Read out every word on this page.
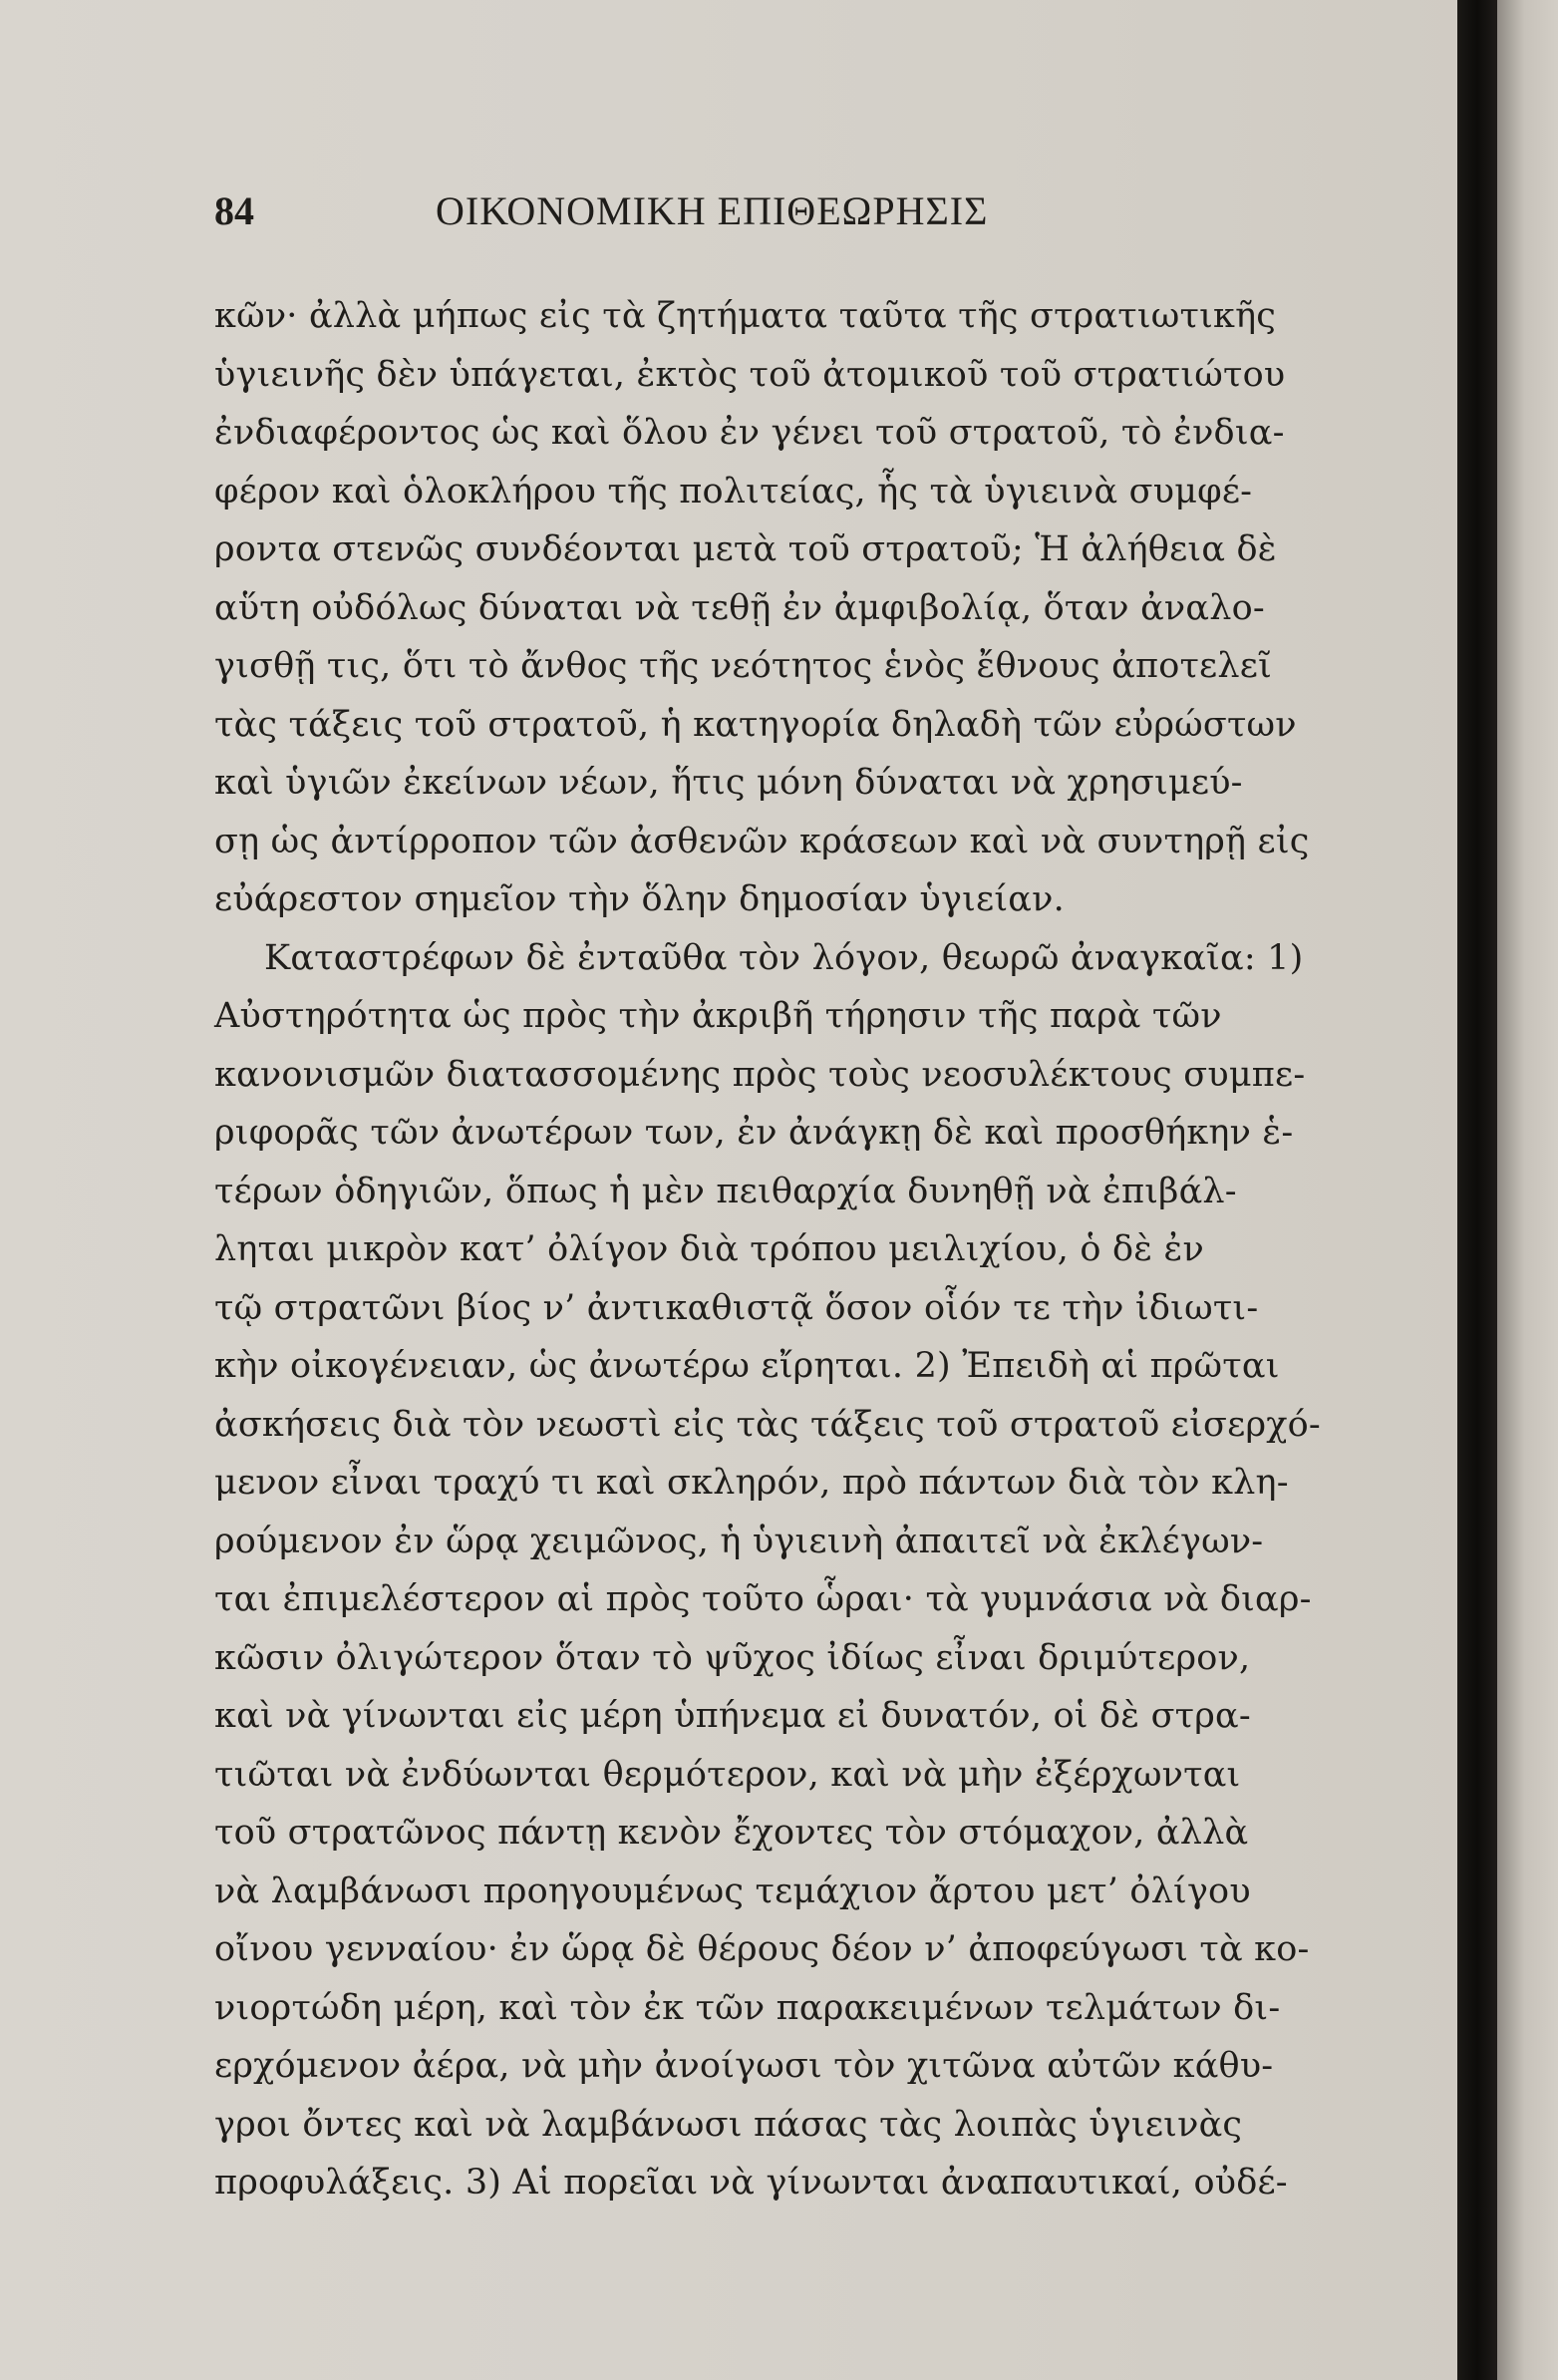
84	ΟΙΚΟΝΟΜΙΚΗ ΕΠΙΘΕΩΡΗΣΙΣ
κῶν· ἀλλὰ μήπως εἰς τὰ ζητήματα ταῦτα τῆς στρατιωτικῆς
ὑγιεινῆς δὲν ὑπάγεται, ἐκτὸς τοῦ ἀτομικοῦ τοῦ στρατιώτου
ἐνδιαφέροντος ὡς καὶ ὅλου ἐν γένει τοῦ στρατοῦ, τὸ ἐνδια-
φέρον καὶ ὁλοκλήρου τῆς πολιτείας, ἧς τὰ ὑγιεινὰ συμφέ-
ροντα στενῶς συνδέονται μετὰ τοῦ στρατοῦ; Ἡ ἀλήθεια δὲ
αὕτη οὐδόλως δύναται νὰ τεθῇ ἐν ἀμφιβολίᾳ, ὅταν ἀναλο-
γισθῇ τις, ὅτι τὸ ἄνθος τῆς νεότητος ἑνὸς ἔθνους ἀποτελεῖ
τὰς τάξεις τοῦ στρατοῦ, ἡ κατηγορία δηλαδὴ τῶν εὐρώστων
καὶ ὑγιῶν ἐκείνων νέων, ἥτις μόνη δύναται νὰ χρησιμεύ-
σῃ ὡς ἀντίρροπον τῶν ἀσθενῶν κράσεων καὶ νὰ συντηρῇ εἰς
εὐάρεστον σημεῖον τὴν ὅλην δημοσίαν ὑγιείαν.
Καταστρέφων δὲ ἐνταῦθα τὸν λόγον, θεωρῶ ἀναγκαῖα: 1)
Αὐστηρότητα ὡς πρὸς τὴν ἀκριβῆ τήρησιν τῆς παρὰ τῶν
κανονισμῶν διατασσομένης πρὸς τοὺς νεοσυλέκτους συμπε-
ριφορᾶς τῶν ἀνωτέρων των, ἐν ἀνάγκῃ δὲ καὶ προσθήκην ἑ-
τέρων ὁδηγιῶν, ὅπως ἡ μὲν πειθαρχία δυνηθῇ νὰ ἐπιβάλ-
ληται μικρὸν κατ’ ὀλίγον διὰ τρόπου μειλιχίου, ὁ δὲ ἐν
τῷ στρατῶνι βίος ν’ ἀντικαθιστᾷ ὅσον οἷόν τε τὴν ἰδιωτι-
κὴν οἰκογένειαν, ὡς ἀνωτέρω εἴρηται. 2) Ἐπειδὴ αἱ πρῶται
ἀσκήσεις διὰ τὸν νεωστὶ εἰς τὰς τάξεις τοῦ στρατοῦ εἰσερχό-
μενον εἶναι τραχύ τι καὶ σκληρόν, πρὸ πάντων διὰ τὸν κλη-
ρούμενον ἐν ὥρᾳ χειμῶνος, ἡ ὑγιεινὴ ἀπαιτεῖ νὰ ἐκλέγων-
ται ἐπιμελέστερον αἱ πρὸς τοῦτο ὧραι· τὰ γυμνάσια νὰ διαρ-
κῶσιν ὀλιγώτερον ὅταν τὸ ψῦχος ἰδίως εἶναι δριμύτερον,
καὶ νὰ γίνωνται εἰς μέρη ὑπήνεμα εἰ δυνατόν, οἱ δὲ στρα-
τιῶται νὰ ἐνδύωνται θερμότερον, καὶ νὰ μὴν ἐξέρχωνται
τοῦ στρατῶνος πάντῃ κενὸν ἔχοντες τὸν στόμαχον, ἀλλὰ
νὰ λαμβάνωσι προηγουμένως τεμάχιον ἄρτου μετ’ ὀλίγου
οἴνου γενναίου· ἐν ὥρᾳ δὲ θέρους δέον ν’ ἀποφεύγωσι τὰ κο-
νιορτώδη μέρη, καὶ τὸν ἐκ τῶν παρακειμένων τελμάτων δι-
ερχόμενον ἀέρα, νὰ μὴν ἀνοίγωσι τὸν χιτῶνα αὐτῶν κάθυ-
γροι ὄντες καὶ νὰ λαμβάνωσι πάσας τὰς λοιπὰς ὑγιεινὰς
προφυλάξεις. 3) Αἱ πορεῖαι νὰ γίνωνται ἀναπαυτικαί, οὐδέ-
